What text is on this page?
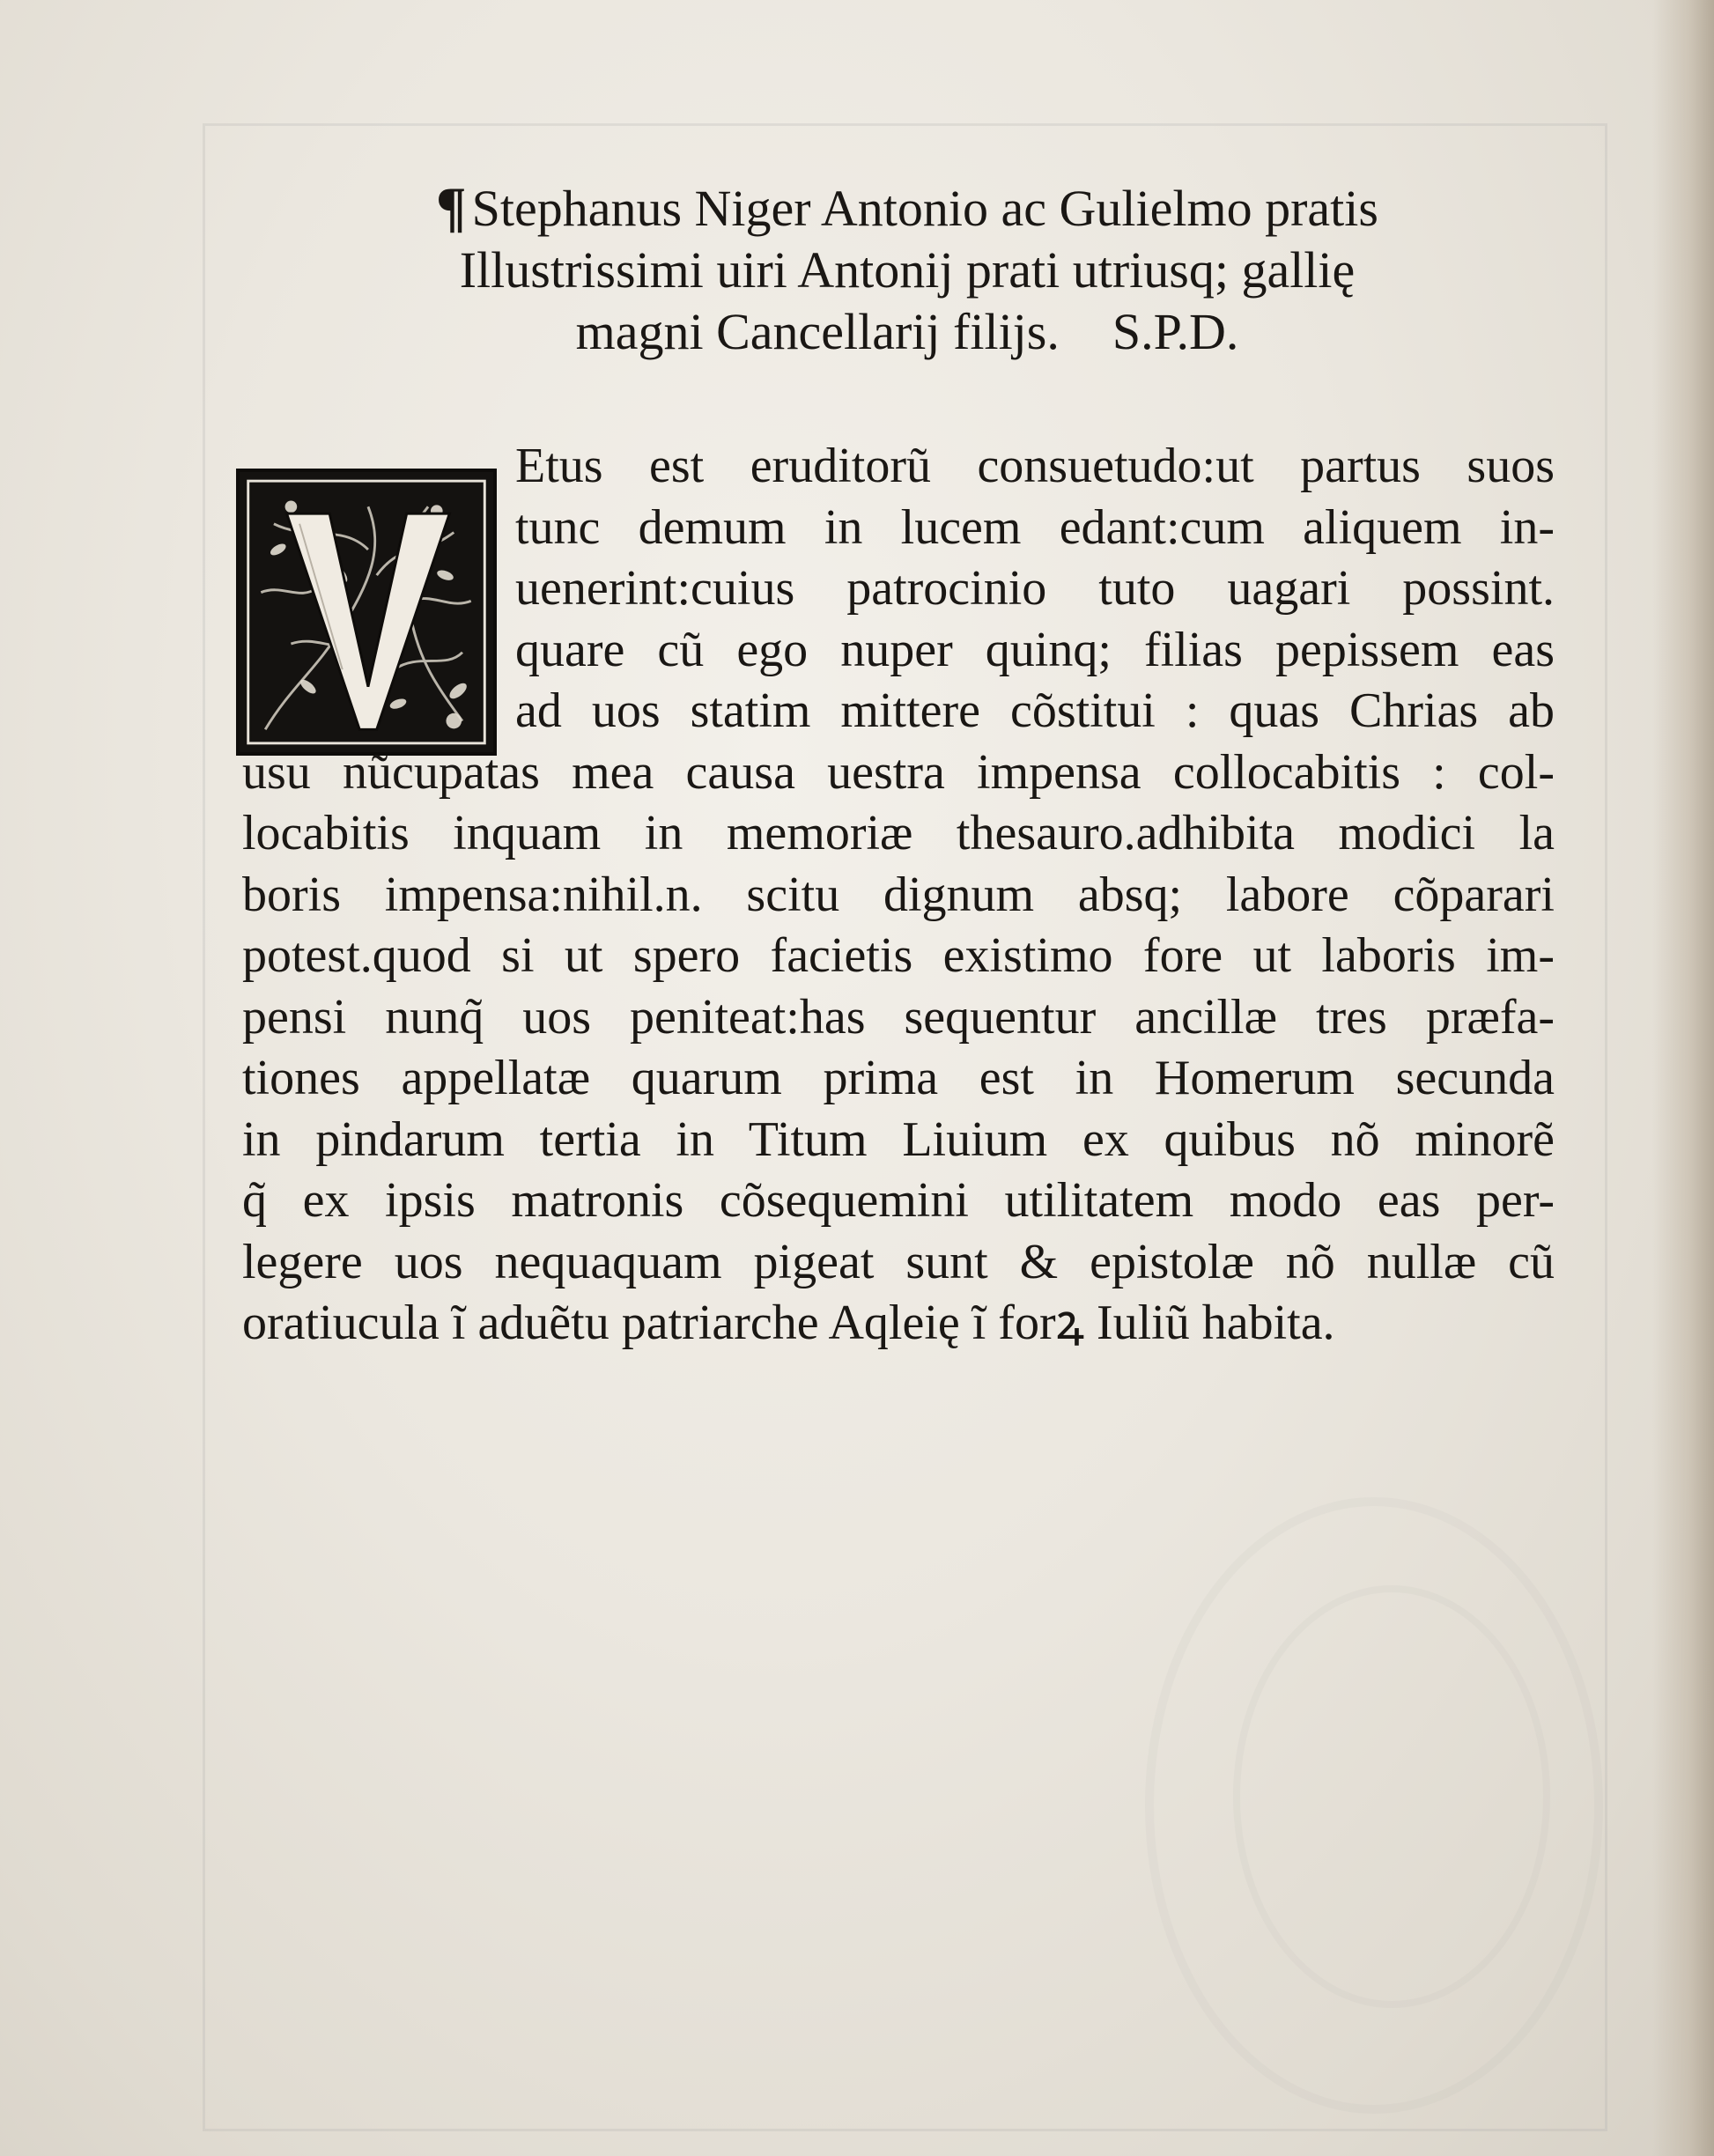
¶ Stephanus Niger Antonio ac Gulielmo pratis
Illustrissimi uiri Antonij prati utriusq; gallię
magni Cancellarij filijs. S.P.D.
Etus est eruditorũ consuetudo:ut partus suos
tunc demum in lucem edant:cum aliquem in-
uenerint:cuius patrocinio tuto uagari possint.
quare cũ ego nuper quinq; filias pepissem eas
ad uos statim mittere cõstitui : quas Chrias ab
usu nũcupatas mea causa uestra impensa collocabitis : col-
locabitis inquam in memoriæ thesauro.adhibita modici la
boris impensa:nihil.n. scitu dignum absq; labore cõparari
potest.quod si ut spero facietis existimo fore ut laboris im-
pensi nunq̃ uos peniteat:has sequentur ancillæ tres præfa-
tiones appellatæ quarum prima est in Homerum secunda
in pindarum tertia in Titum Liuium ex quibus nõ minorẽ
q̃ ex ipsis matronis cõsequemini utilitatem modo eas per-
legere uos nequaquam pigeat sunt & epistolæ nõ nullæ cũ
oratiucula ĩ aduẽtu patriarche Aqleię ĩ forꝝ Iuliũ habita.
